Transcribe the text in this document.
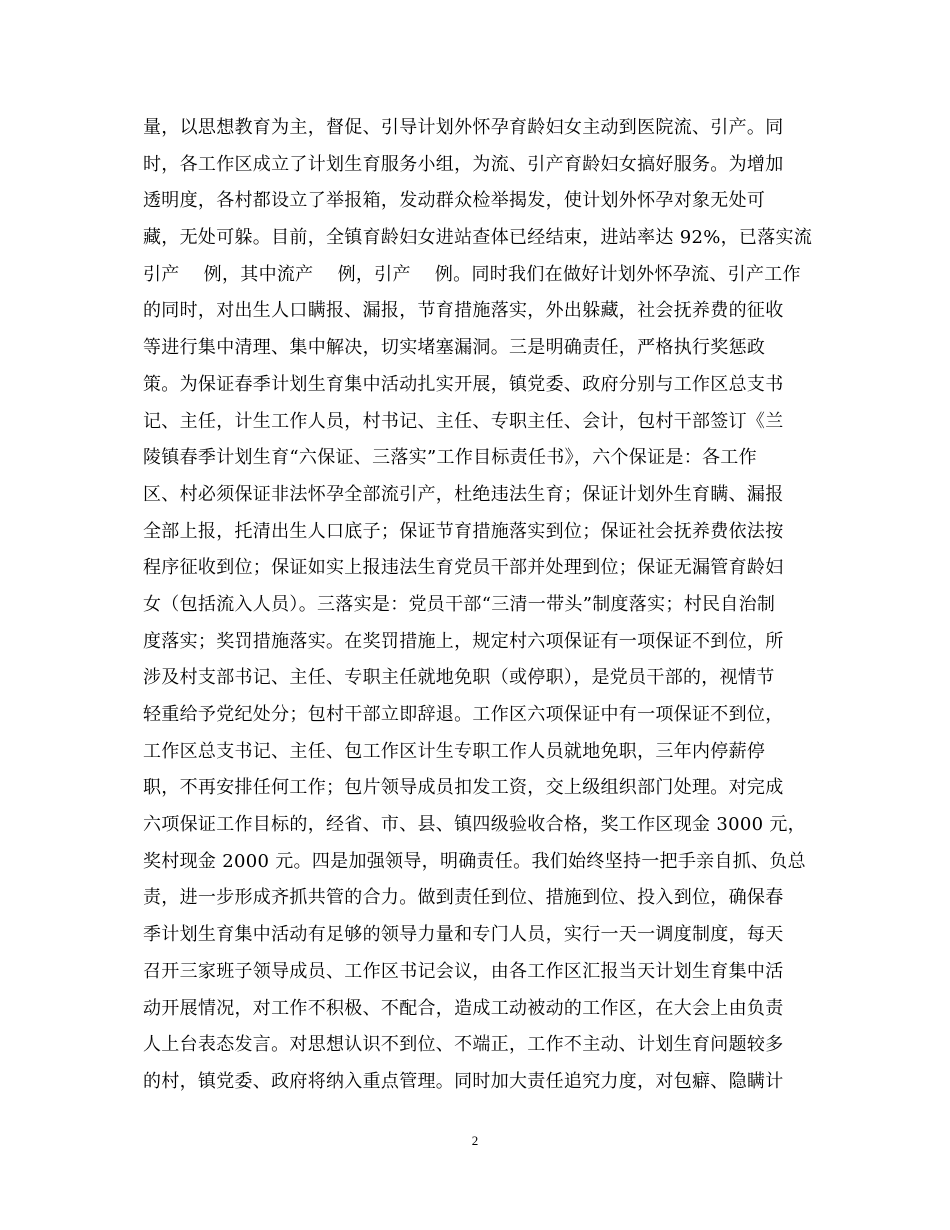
量，以思想教育为主，督促、引导计划外怀孕育龄妇女主动到医院流、引产。同
时，各工作区成立了计划生育服务小组，为流、引产育龄妇女搞好服务。为增加
透明度，各村都设立了举报箱，发动群众检举揭发，使计划外怀孕对象无处可
藏，无处可躲。目前，全镇育龄妇女进站查体已经结束，进站率达 92%，已落实流
引产    例，其中流产    例，引产    例。同时我们在做好计划外怀孕流、引产工作
的同时，对出生人口瞒报、漏报，节育措施落实，外出躲藏，社会抚养费的征收
等进行集中清理、集中解决，切实堵塞漏洞。三是明确责任，严格执行奖惩政
策。为保证春季计划生育集中活动扎实开展，镇党委、政府分别与工作区总支书
记、主任，计生工作人员，村书记、主任、专职主任、会计，包村干部签订《兰
陵镇春季计划生育“六保证、三落实”工作目标责任书》，六个保证是：各工作
区、村必须保证非法怀孕全部流引产，杜绝违法生育；保证计划外生育瞒、漏报
全部上报，托清出生人口底子；保证节育措施落实到位；保证社会抚养费依法按
程序征收到位；保证如实上报违法生育党员干部并处理到位；保证无漏管育龄妇
女（包括流入人员）。三落实是：党员干部“三清一带头”制度落实；村民自治制
度落实；奖罚措施落实。在奖罚措施上，规定村六项保证有一项保证不到位，所
涉及村支部书记、主任、专职主任就地免职（或停职），是党员干部的，视情节
轻重给予党纪处分；包村干部立即辞退。工作区六项保证中有一项保证不到位，
工作区总支书记、主任、包工作区计生专职工作人员就地免职，三年内停薪停
职，不再安排任何工作；包片领导成员扣发工资，交上级组织部门处理。对完成
六项保证工作目标的，经省、市、县、镇四级验收合格，奖工作区现金 3000 元，
奖村现金 2000 元。四是加强领导，明确责任。我们始终坚持一把手亲自抓、负总
责，进一步形成齐抓共管的合力。做到责任到位、措施到位、投入到位，确保春
季计划生育集中活动有足够的领导力量和专门人员，实行一天一调度制度，每天
召开三家班子领导成员、工作区书记会议，由各工作区汇报当天计划生育集中活
动开展情况，对工作不积极、不配合，造成工动被动的工作区，在大会上由负责
人上台表态发言。对思想认识不到位、不端正，工作不主动、计划生育问题较多
的村，镇党委、政府将纳入重点管理。同时加大责任追究力度，对包癖、隐瞒计
2
